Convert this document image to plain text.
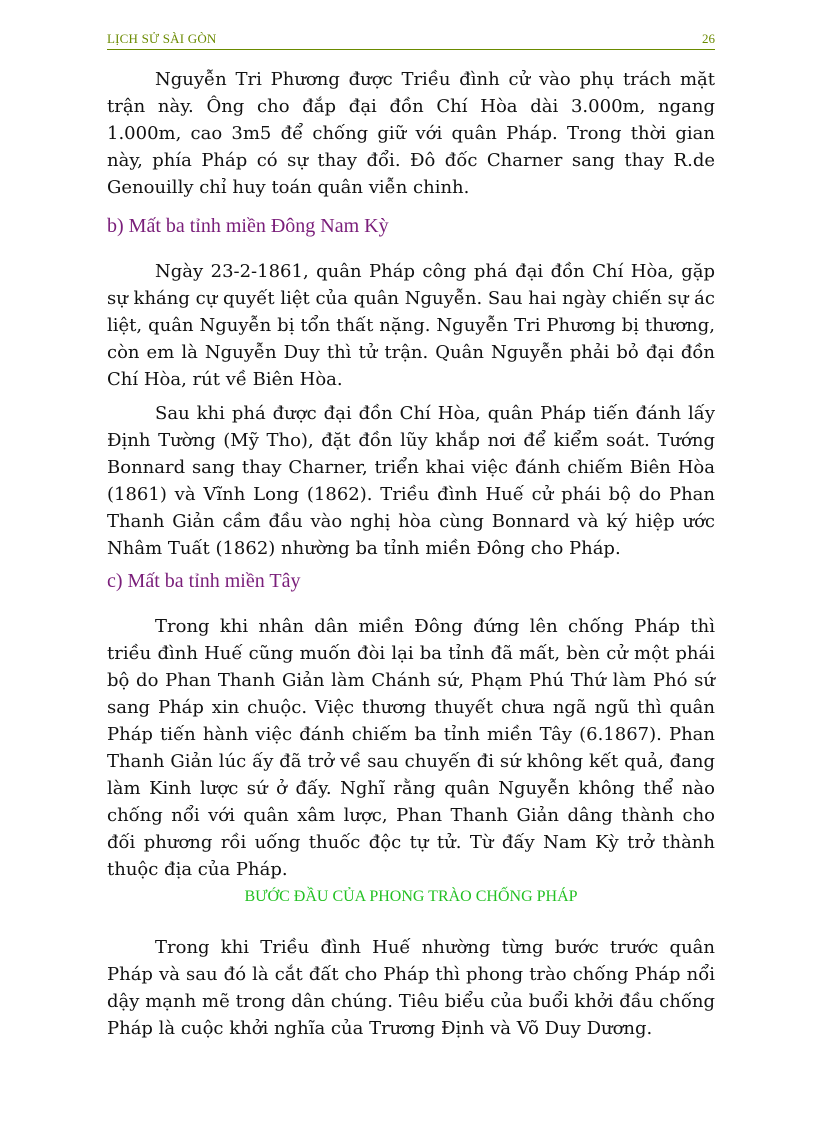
LỊCH SỬ SÀI GÒN	26

Nguyễn Tri Phương được Triều đình cử vào phụ trách mặt trận này. Ông cho đắp đại đồn Chí Hòa dài 3.000m, ngang 1.000m, cao 3m5 để chống giữ với quân Pháp. Trong thời gian này, phía Pháp có sự thay đổi. Đô đốc Charner sang thay R.de Genouilly chỉ huy toán quân viễn chinh.

b) Mất ba tỉnh miền Đông Nam Kỳ

Ngày 23-2-1861, quân Pháp công phá đại đồn Chí Hòa, gặp sự kháng cự quyết liệt của quân Nguyễn. Sau hai ngày chiến sự ác liệt, quân Nguyễn bị tổn thất nặng. Nguyễn Tri Phương bị thương, còn em là Nguyễn Duy thì tử trận. Quân Nguyễn phải bỏ đại đồn Chí Hòa, rút về Biên Hòa.

Sau khi phá được đại đồn Chí Hòa, quân Pháp tiến đánh lấy Định Tường (Mỹ Tho), đặt đồn lũy khắp nơi để kiểm soát. Tướng Bonnard sang thay Charner, triển khai việc đánh chiếm Biên Hòa (1861) và Vĩnh Long (1862). Triều đình Huế cử phái bộ do Phan Thanh Giản cầm đầu vào nghị hòa cùng Bonnard và ký hiệp ước Nhâm Tuất (1862) nhường ba tỉnh miền Đông cho Pháp.

c) Mất ba tỉnh miền Tây

Trong khi nhân dân miền Đông đứng lên chống Pháp thì triều đình Huế cũng muốn đòi lại ba tỉnh đã mất, bèn cử một phái bộ do Phan Thanh Giản làm Chánh sứ, Phạm Phú Thứ làm Phó sứ sang Pháp xin chuộc. Việc thương thuyết chưa ngã ngũ thì quân Pháp tiến hành việc đánh chiếm ba tỉnh miền Tây (6.1867). Phan Thanh Giản lúc ấy đã trở về sau chuyến đi sứ không kết quả, đang làm Kinh lược sứ ở đấy. Nghĩ rằng quân Nguyễn không thể nào chống nổi với quân xâm lược, Phan Thanh Giản dâng thành cho đối phương rồi uống thuốc độc tự tử. Từ đấy Nam Kỳ trở thành thuộc địa của Pháp.

BƯỚC ĐẦU CỦA PHONG TRÀO CHỐNG PHÁP

Trong khi Triều đình Huế nhường từng bước trước quân Pháp và sau đó là cắt đất cho Pháp thì phong trào chống Pháp nổi dậy mạnh mẽ trong dân chúng. Tiêu biểu của buổi khởi đầu chống Pháp là cuộc khởi nghĩa của Trương Định và Võ Duy Dương.
